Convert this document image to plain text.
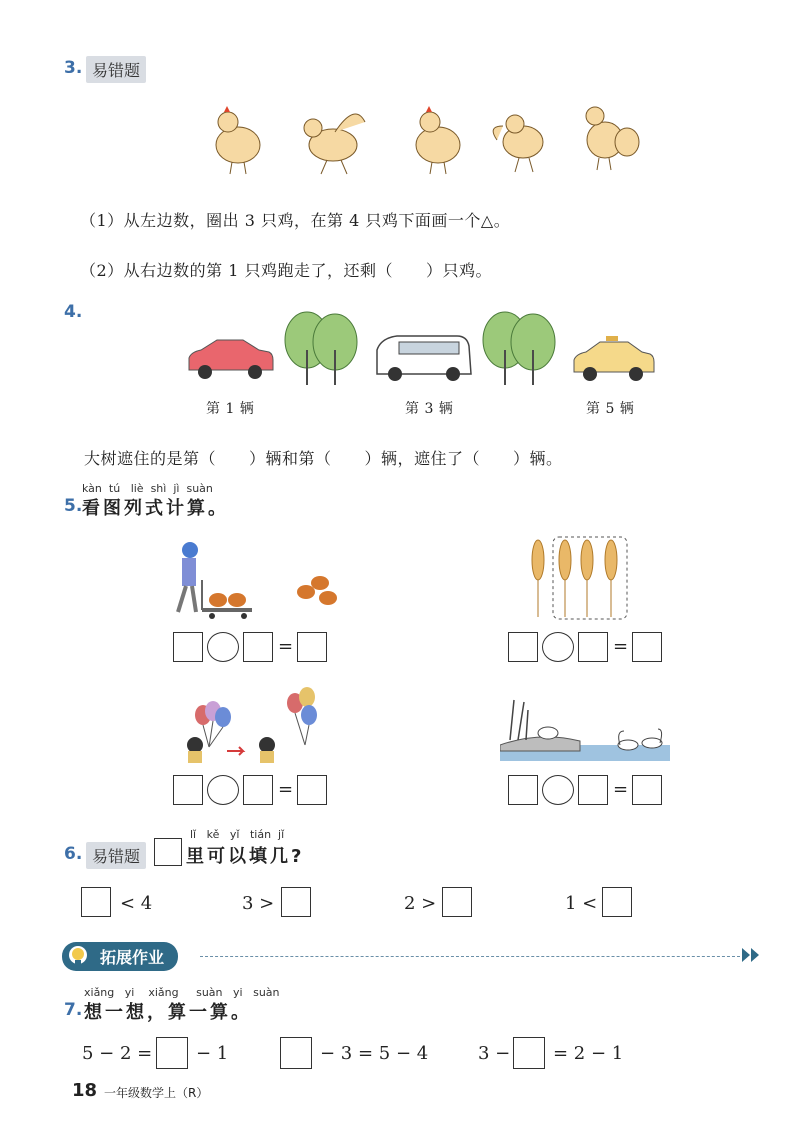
3. 易错题
（1）从左边数，圈出 3 只鸡，在第 4 只鸡下面画一个△。
（2）从右边数的第 1 只鸡跑走了，还剩（　　）只鸡。
4.
第 1 辆	第 3 辆	第 5 辆
大树遮住的是第（　　）辆和第（　　）辆，遮住了（　　）辆。
kàn tú liè shì jì suàn
5. 看图列式计算。
=	=
=	=
6. 易错题
lǐ kě yǐ tián jǐ
里可以填几?
< 4	3 >	2 >	1 <
拓展作业
xiǎng yi xiǎng suàn yi suàn
7. 想一想，算一算。
5 − 2 = − 1	− 3 = 5 − 4	3 − = 2 − 1
18 一年级数学上（R）
